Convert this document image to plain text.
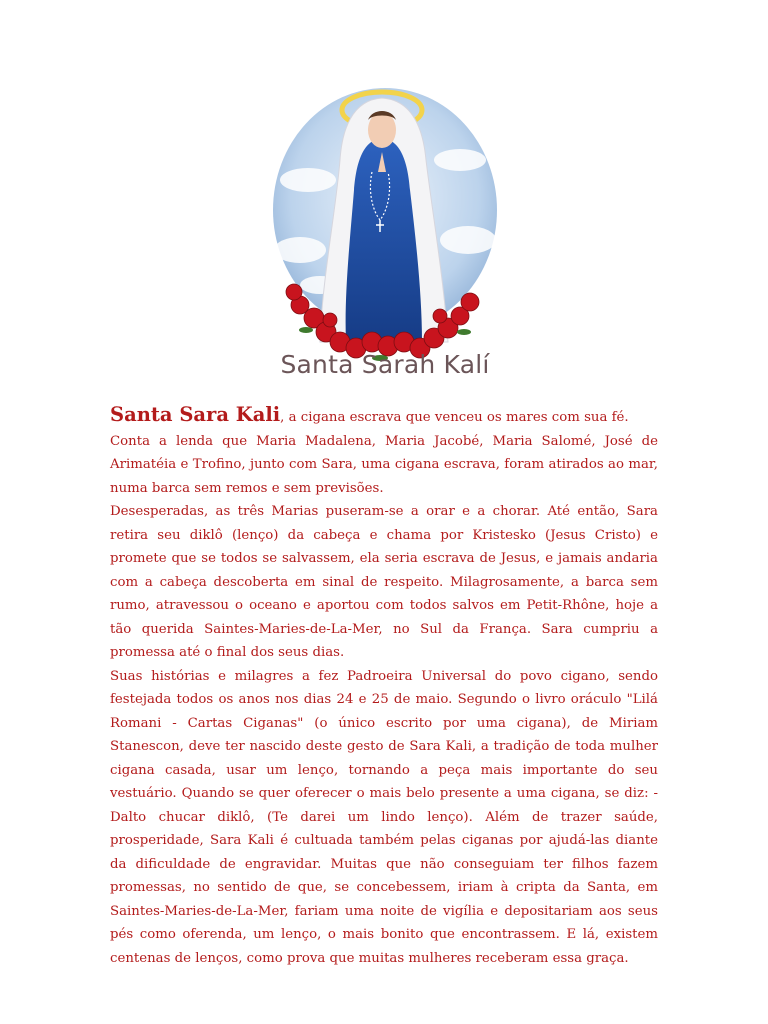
Santa Sarah Kalí

Santa Sara Kali, a cigana escrava que venceu os mares com sua fé.

Conta a lenda que Maria Madalena, Maria Jacobé, Maria Salomé, José de Arimatéia e Trofino, junto com Sara, uma cigana escrava, foram atirados ao mar, numa barca sem remos e sem previsões.

Desesperadas, as três Marias puseram-se a orar e a chorar. Até então, Sara retira seu diklô (lenço) da cabeça e chama por Kristesko (Jesus Cristo) e promete que se todos se salvassem, ela seria escrava de Jesus, e jamais andaria com a cabeça descoberta em sinal de respeito. Milagrosamente, a barca sem rumo, atravessou o oceano e aportou com todos salvos em Petit-Rhône, hoje a tão querida Saintes-Maries-de-La-Mer, no Sul da França. Sara cumpriu a promessa até o final dos seus dias.

Suas histórias e milagres a fez Padroeira Universal do povo cigano, sendo festejada todos os anos nos dias 24 e 25 de maio. Segundo o livro oráculo "Lilá Romani - Cartas Ciganas" (o único escrito por uma cigana), de Miriam Stanescon, deve ter nascido deste gesto de Sara Kali, a tradição de toda mulher cigana casada, usar um lenço, tornando a peça mais importante do seu vestuário. Quando se quer oferecer o mais belo presente a uma cigana, se diz: - Dalto chucar diklô, (Te darei um lindo lenço). Além de trazer saúde, prosperidade, Sara Kali é cultuada também pelas ciganas por ajudá-las diante da dificuldade de engravidar. Muitas que não conseguiam ter filhos fazem promessas, no sentido de que, se concebessem, iriam à cripta da Santa, em Saintes-Maries-de-La-Mer, fariam uma noite de vigília e depositariam aos seus pés como oferenda, um lenço, o mais bonito que encontrassem. E lá, existem centenas de lenços, como prova que muitas mulheres receberam essa graça.
